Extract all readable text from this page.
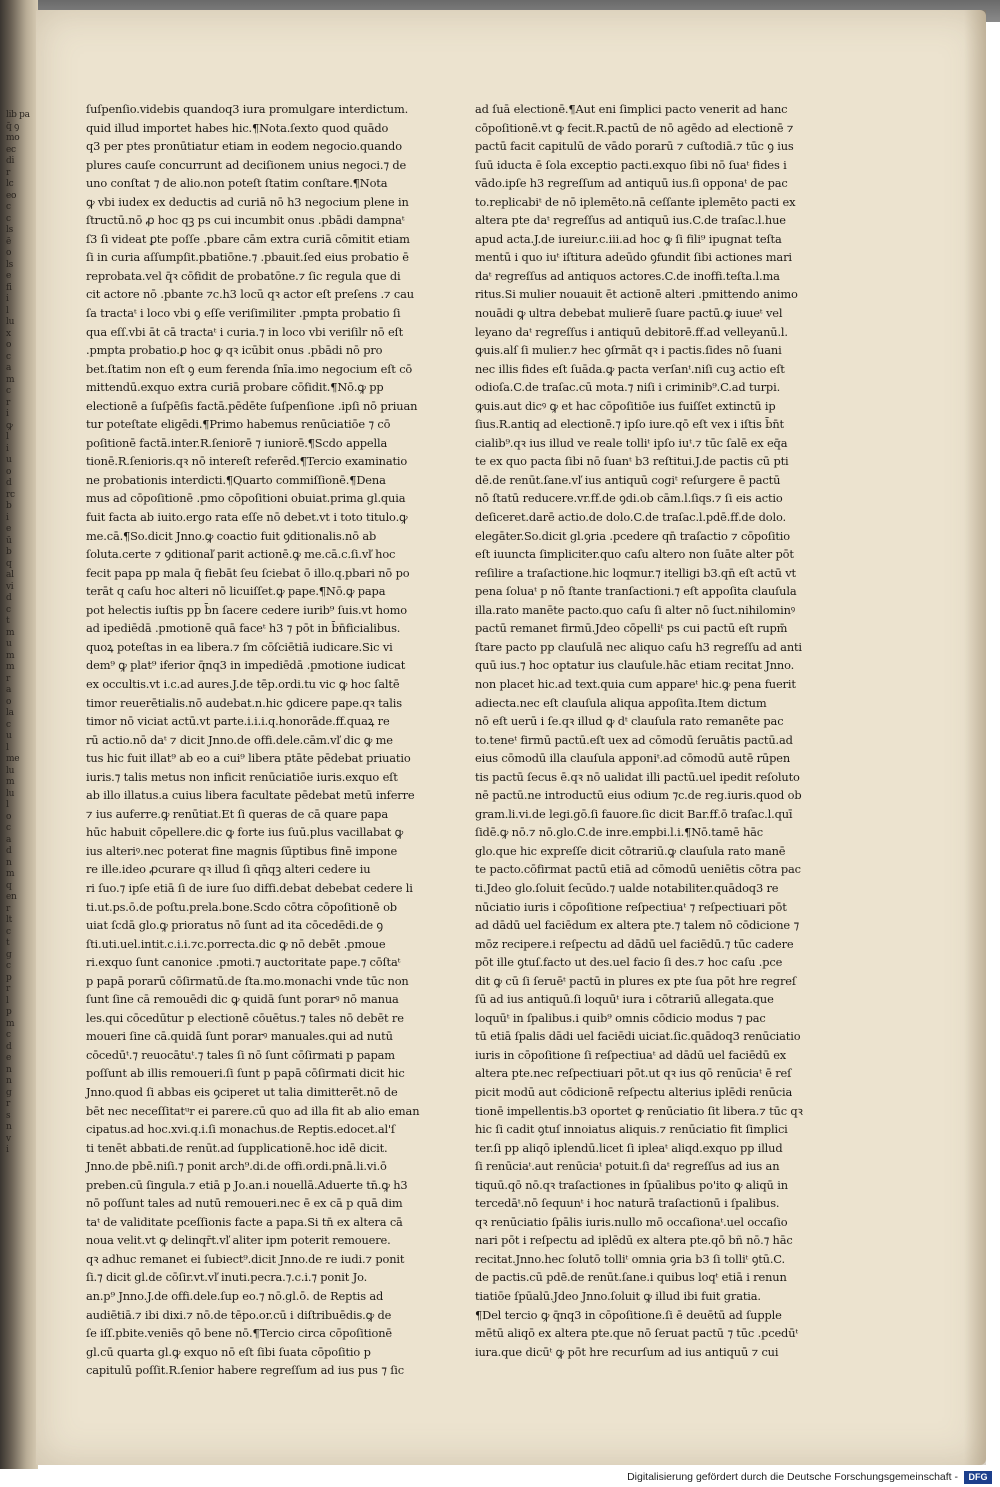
lib pa
q̄ ꝯ
mo
ec
di
r
lc
eo
c
c
ls
ē
o
ls
e
fi
i
l
lu
x
o
c
a
m
c
r
i
ꝙ
l
i
u
o
d
rc
b
i
e
ū
b
q
al
vi
d
c
t
m
u
m
m
r
a
o
la
c
u
l
me
lu
m
lu
l
o
c
a
d
n
m
q
en
r
lt
c
t
g
c
p
r
l
p
m
c
d
e
n
n
g
r
s
n
v
i
ſuſpenſio.videbis quandoq3 iura promulgare interdictum.
quid illud importet habes hic.¶Nota.ſexto quod quādo
q3 per ptes pronūtiatur etiam in eodem negocio.quando
plures cauſe concurrunt ad deciſionem unius negoci.⁊ de
uno conſtat ⁊ de alio.non poteſt ſtatim conſtare.¶Nota
ꝙ vbi iudex ex deductis ad curiā nō h3 negocium plene in
ſtructū.nō ꝓ hoc qꝫ ps cui incumbit onus .pbādi dampnaᵗ
ſ3 ſi videat ꝑte poſſe .pbare cām extra curiā cōmitit etiam
ſi in curia aſſumpſit.pbatiōne.⁊ .pbauit.ſed eius probatio ē
reprobata.vel q̄ꝛ cōfidit de probatōne.⁊ ſic regula que di
cit actore nō .pbante ⁊c.h3 locū qꝛ actor eſt preſens .⁊ cau
ſa tractaᵗ i loco vbi ꝯ eſſe veriſimiliter .pmpta probatio ſi
qua eſſ.vbi āt cā tractaᵗ i curia.⁊ in loco vbi veriſilr nō eſt
.pmpta probatio.ꝑ hoc ꝙ qꝛ icūbit onus .pbādi nō pro
bet.ſtatim non eſt ꝯ eum ferenda ſnīa.imo negocium eſt cō
mittendū.exquo extra curiā probare cōfidit.¶Nō.ꝙ pp
electionē a ſuſpēſis factā.pēdēte ſuſpenſione .ipſi nō priuan
tur poteſtate eligēdi.¶Primo habemus renūciatiōe ⁊ cō
poſitionē factā.inter.R.ſeniorē ⁊ iuniorē.¶Scdo appella
tionē.R.ſenioris.qꝛ nō intereſt referēd.¶Tercio examinatio
ne probationis interdicti.¶Quarto commiſſionē.¶Dena
mus ad cōpoſitionē .pmo cōpoſitioni obuiat.prima gl.quia
fuit facta ab iuito.ergo rata eſſe nō debet.vt i toto titulo.ꝙ
me.cā.¶So.dicit Jnno.ꝙ coactio fuit ꝯditionalis.nō ab
ſoluta.certe ⁊ ꝯditionaľ parit actionē.ꝙ me.cā.c.ſi.vľ hoc
fecit papa pp mala q̄ fiebāt ſeu ſciebat ō illo.q.pbari nō po
terāt q caſu hoc alteri nō licuiſſet.ꝙ pape.¶Nō.ꝙ papa
pot helectis iuſtis pp b̄n ſacere cedere iurib⁹ ſuis.vt homo
ad ipediēdā .pmotionē quā faceᵗ h3 ⁊ pōt in b̄n̄ficialibus.
quoꝝ poteſtas in ea libera.⁊ ſm cōſciētiā iudicare.Sic vi
dem⁹ ꝙ plat⁹ iferior q̄nq3 in impediēdā .pmotione iudicat
ex occultis.vt i.c.ad aures.J.de tēp.ordi.tu vic ꝙ hoc ſaltē
timor reuerētialis.nō audebat.n.hic ꝯdicere pape.qꝛ talis
timor nō viciat actū.vt parte.i.i.i.q.honorāde.ff.quaꝝ re
rū actio.nō daᵗ ⁊ dicit Jnno.de offi.dele.cām.vľ dic ꝙ me
tus hic fuit illat⁹ ab eo a cui⁹ libera ptāte pēdebat priuatio
iuris.⁊ talis metus non inficit renūciatiōe iuris.exquo eſt
ab illo illatus.a cuius libera facultate pēdebat metū inferre
⁊ ius auferre.ꝙ renūtiat.Et ſi queras de cā quare papa
hūc habuit cōpellere.dic ꝙ forte ius ſuū.plus vacillabat ꝙ
ius alteriꝰ.nec poterat fine magnis ſūptibus finē impone
re ille.ideo ꝓcurare qꝛ illud ſi qn̄qꝫ alteri cedere iu
ri ſuo.⁊ ipſe etiā ſi de iure ſuo diffi.debat debebat cedere li
ti.ut.ps.ō.de poſtu.prela.bone.Scdo cōtra cōpoſitionē ob
uiat ſcdā glo.ꝙ prioratus nō ſunt ad ita cōcedēdi.de ꝯ
ſti.uti.uel.intit.c.i.i.⁊c.porrecta.dic ꝙ nō debēt .pmoue
ri.exquo ſunt canonice .pmoti.⁊ auctoritate pape.⁊ cōſtaᵗ
p papā porarū cōſirmatū.de ſta.mo.monachi vnde tūc non
ſunt ſine cā remouēdi dic ꝙ quidā ſunt porarꝰ nō manua
les.qui cōcedūtur p electionē cōuētus.⁊ tales nō debēt re
moueri ſine cā.quidā ſunt porarꝰ manuales.qui ad nutū
cōcedūᵗ.⁊ reuocātuᵗ.⁊ tales ſi nō ſunt cōſirmati p papam
poſſunt ab illis remoueri.ſi ſunt p papā cōſirmati dicit hic
Jnno.quod ſi abbas eis ꝯciperet ut talia dimitterēt.nō de
bēt nec neceſſitatᵘr ei parere.cū quo ad illa fit ab alio eman
cipatus.ad hoc.xvi.q.i.ſi monachus.de Reptis.edocet.al'ſ
ti tenēt abbati.de renūt.ad ſupplicationē.hoc idē dicit.
Jnno.de pbē.niſi.⁊ ponit arch⁹.di.de offi.ordi.pnā.li.vi.ō
preben.cū ſingula.⁊ etiā p Jo.an.i nouellā.Aduerte tn̄.ꝙ h3
nō poſſunt tales ad nutū remoueri.nec ē ex cā p quā dim
taᵗ de validitate pceſſionis facte a papa.Si tn̄ ex altera cā
noua velit.vt ꝙ delinqr̄t.vľ aliter ipm poterit remouere.
qꝛ adhuc remanet ei ſubiect⁹.dicit Jnno.de re iudi.⁊ ponit
ſi.⁊ dicit gl.de cōſir.vt.vľ inuti.pecra.⁊.c.i.⁊ ponit Jo.
an.p⁹ Jnno.J.de offi.dele.ſup eo.⁊ nō.gl.ō. de Reptis ad
audiētiā.⁊ ibi dixi.⁊ nō.de tēpo.or.cū i diſtribuēdis.ꝙ de
ſe iſſ.pbite.veniēs qō bene nō.¶Tercio circa cōpoſitionē
gl.cū quarta gl.ꝙ exquo nō eſt ſibi ſuata cōpoſitio p
capitulū poſſit.R.ſenior habere regreſſum ad ius pus ⁊ ſic
ad ſuā electionē.¶Aut eni ſimplici pacto venerit ad hanc
cōpoſitionē.vt ꝙ fecit.R.pactū de nō agēdo ad electionē ⁊
pactū facit capitulū de vādo porarū ⁊ cuſtodiā.⁊ tūc ꝯ ius
ſuū iducta ē ſola exceptio pacti.exquo ſibi nō ſuaᵗ fides i
vādo.ipſe h3 regreſſum ad antiquū ius.ſi opponaᵗ de pac
to.replicabiᵗ de nō iplemēto.nā ceſſante iplemēto pacti ex
altera pte daᵗ regreſſus ad antiquū ius.C.de traſac.l.hue
apud acta.J.de iureiur.c.iii.ad hoc ꝙ ſi fili⁹ ipugnat teſta
mentū i quo iuᵗ iſtitura adeūdo ꝯfundit ſibi actiones mari
daᵗ regreſſus ad antiquos actores.C.de inoffi.teſta.l.ma
ritus.Si mulier nouauit ēt actionē alteri .pmittendo animo
nouādi ꝙ ultra debebat mulierē ſuare pactū.ꝙ iuueᵗ vel
leyano daᵗ regreſſus i antiquū debitorē.ff.ad velleyanū.l.
ꝙuis.alſ ſi mulier.⁊ hec ꝯſrmāt qꝛ i pactis.ſides nō ſuani
nec illis fides eſt ſuāda.ꝙ pacta verſanᵗ.niſi cuꝫ actio eſt
odioſa.C.de traſac.cū mota.⁊ niſi i criminib⁹.C.ad turpi.
ꝙuis.aut dicꝰ ꝙ et hac cōpoſitiōe ius fuiſſet extinctū ip
ſius.R.antiq ad electionē.⁊ ipſo iure.qō eſt vex i iſtis b̄n̄t
cialib⁹.qꝛ ius illud ve reale tolliᵗ ipſo iuᵗ.⁊ tūc ſalē ex eq̄a
te ex quo pacta ſibi nō ſuanᵗ b3 reſtitui.J.de pactis cū pti
dē.de renūt.ſane.vľ ius antiquū cogiᵗ reſurgere ē pactū
nō ſtatū reducere.vr.ff.de ꝯdi.ob cām.l.ſiqs.⁊ ſi eis actio
deſiceret.darē actio.de dolo.C.de traſac.l.pdē.ff.de dolo.
elegāter.So.dicit gl.ꝯria .pcedere qn̄ traſactio ⁊ cōpoſitio
eſt iuuncta ſimpliciter.quo caſu altero non ſuāte alter pōt
reſilire a traſactione.hic loqmur.⁊ itelligi b3.qn̄ eſt actū vt
pena ſoluaᵗ p nō ſtante tranſactioni.⁊ eſt appoſita clauſula
illa.rato manēte pacto.quo caſu ſi alter nō ſuct.nihilominꝰ
pactū remanet firmū.Jdeo cōpelliᵗ ps cui pactū eſt rupm̄
ſtare pacto pp clauſulā nec aliquo caſu h3 regreſſu ad anti
quū ius.⁊ hoc optatur ius clauſule.hāc etiam recitat Jnno.
non placet hic.ad text.quia cum appareᵗ hic.ꝙ pena fuerit
adiecta.nec eſt clauſula aliqua appoſita.Item dictum
nō eſt uerū i ſe.qꝛ illud ꝙ dᵗ clauſula rato remanēte pac
to.teneᵗ firmū pactū.eſt uex ad cōmodū ſeruātis pactū.ad
eius cōmodū illa clauſula apponiᵗ.ad cōmodū autē rūpen
tis pactū ſecus ē.qꝛ nō ualidat illi pactū.uel ipedit reſoluto
nē pactū.ne introductū eius odium ⁊c.de reg.iuris.quod ob
gram.li.vi.de legi.gō.ſi fauore.ſic dicit Bar.ff.ō traſac.l.quī
ſidē.ꝙ nō.⁊ nō.glo.C.de inre.empbi.l.i.¶Nō.tamē hāc
glo.que hic expreſſe dicit cōtrariū.ꝙ clauſula rato manē
te pacto.cōfirmat pactū etiā ad cōmodū ueniētis cōtra pac
ti.Jdeo glo.ſoluit ſecūdo.⁊ ualde notabiliter.quādoq3 re
nūciatio iuris i cōpoſitione reſpectiuaᵗ ⁊ reſpectiuari pōt
ad dādū uel faciēdum ex altera pte.⁊ talem nō cōdicione ⁊
mōz recipere.i reſpectu ad dādū uel faciēdū.⁊ tūc cadere
pōt ille ꝯtuſ.facto ut des.uel facio ſi des.⁊ hoc caſu .pce
dit ꝙ cū ſi ſeruēᵗ pactū in plures ex pte ſua pōt hre regreſ
ſū ad ius antiquū.ſi loquūᵗ iura i cōtrariū allegata.que
loquūᵗ in ſpalibus.i quib⁹ omnis cōdicio modus ⁊ pac
tū etiā ſpalis dādi uel faciēdi uiciat.ſic.quādoq3 renūciatio
iuris in cōpoſitione ſi reſpectiuaᵗ ad dādū uel faciēdū ex
altera pte.nec reſpectiuari pōt.ut qꝛ ius qō renūciaᵗ ē reſ
picit modū aut cōdicionē reſpectu alterius iplēdi renūcia
tionē impellentis.b3 oportet ꝙ renūciatio ſit libera.⁊ tūc qꝛ
hic ſi cadit ꝯtuſ innoiatus aliquis.⁊ renūciatio fit ſimplici
ter.ſi pp aliqō iplendū.licet ſi ipleaᵗ aliqd.exquo pp illud
ſi renūciaᵗ.aut renūciaᵗ potuit.ſi daᵗ regreſſus ad ius an
tiquū.qō nō.qꝛ traſactiones in ſpūalibus po'ito ꝙ aliqū in
tercedāᵗ.nō ſequunᵗ i hoc naturā traſactionū i ſpalibus.
qꝛ renūciatio ſpālis iuris.nullo mō occaſionaᵗ.uel occaſio
nari pōt i reſpectu ad iplēdū ex altera pte.qō bñ nō.⁊ hāc
recitat.Jnno.hec ſolutō tolliᵗ omnia ꝯria b3 ſi tolliᵗ ꝯtū.C.
de pactis.cū pdē.de renūt.ſane.i quibus loqᵗ etiā i renun
tiatiōe ſpūalū.Jdeo Jnno.ſoluit ꝙ illud ibi fuit gratia.
¶Del tercio ꝙ q̄nq3 in cōpoſitione.ſi ē deuētū ad ſupple
mētū aliqō ex altera pte.que nō ſeruat pactū ⁊ tūc .pcedūᵗ
iura.que dicūᵗ ꝙ pōt hre recurſum ad ius antiquū ⁊ cui
Digitalisierung gefördert durch die Deutsche Forschungsgemeinschaft -	DFG
